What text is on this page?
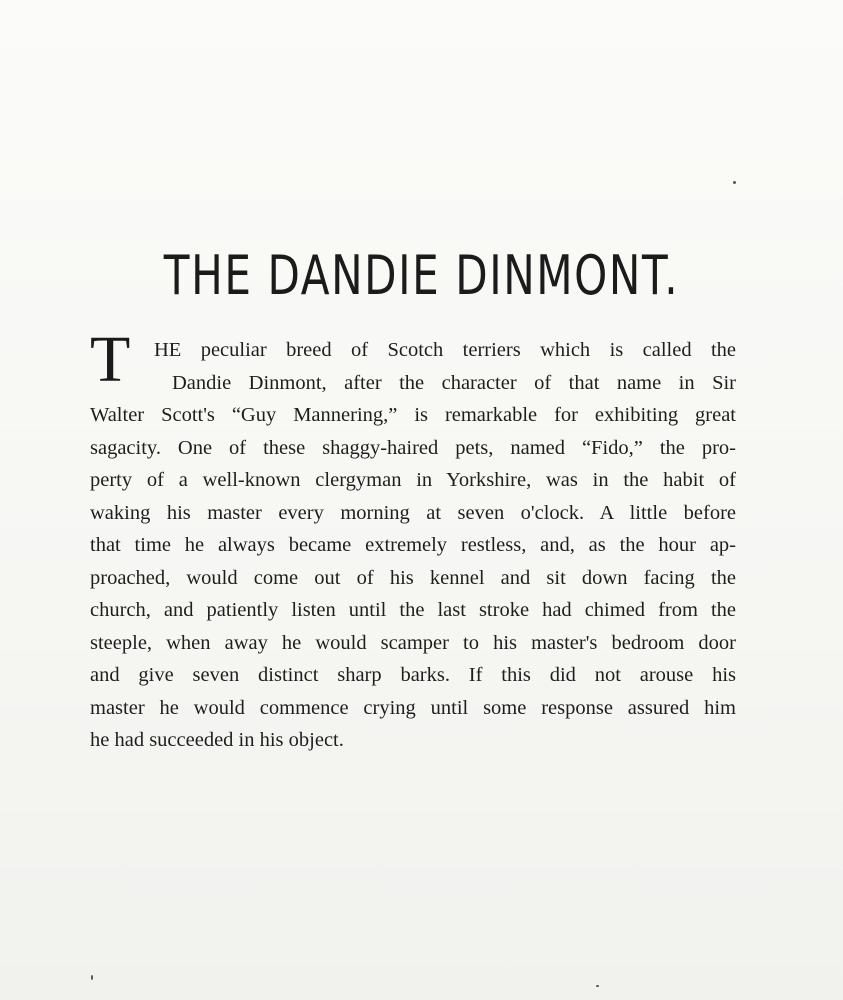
THE DANDIE DINMONT.
T	HE peculiar breed of Scotch terriers which is called the
Dandie Dinmont, after the character of that name in Sir
Walter Scott's “Guy Mannering,” is remarkable for exhibiting great
sagacity. One of these shaggy-haired pets, named “Fido,” the pro-
perty of a well-known clergyman in Yorkshire, was in the habit of
waking his master every morning at seven o'clock. A little before
that time he always became extremely restless, and, as the hour ap-
proached, would come out of his kennel and sit down facing the
church, and patiently listen until the last stroke had chimed from the
steeple, when away he would scamper to his master's bedroom door
and give seven distinct sharp barks. If this did not arouse his
master he would commence crying until some response assured him
he had succeeded in his object.
